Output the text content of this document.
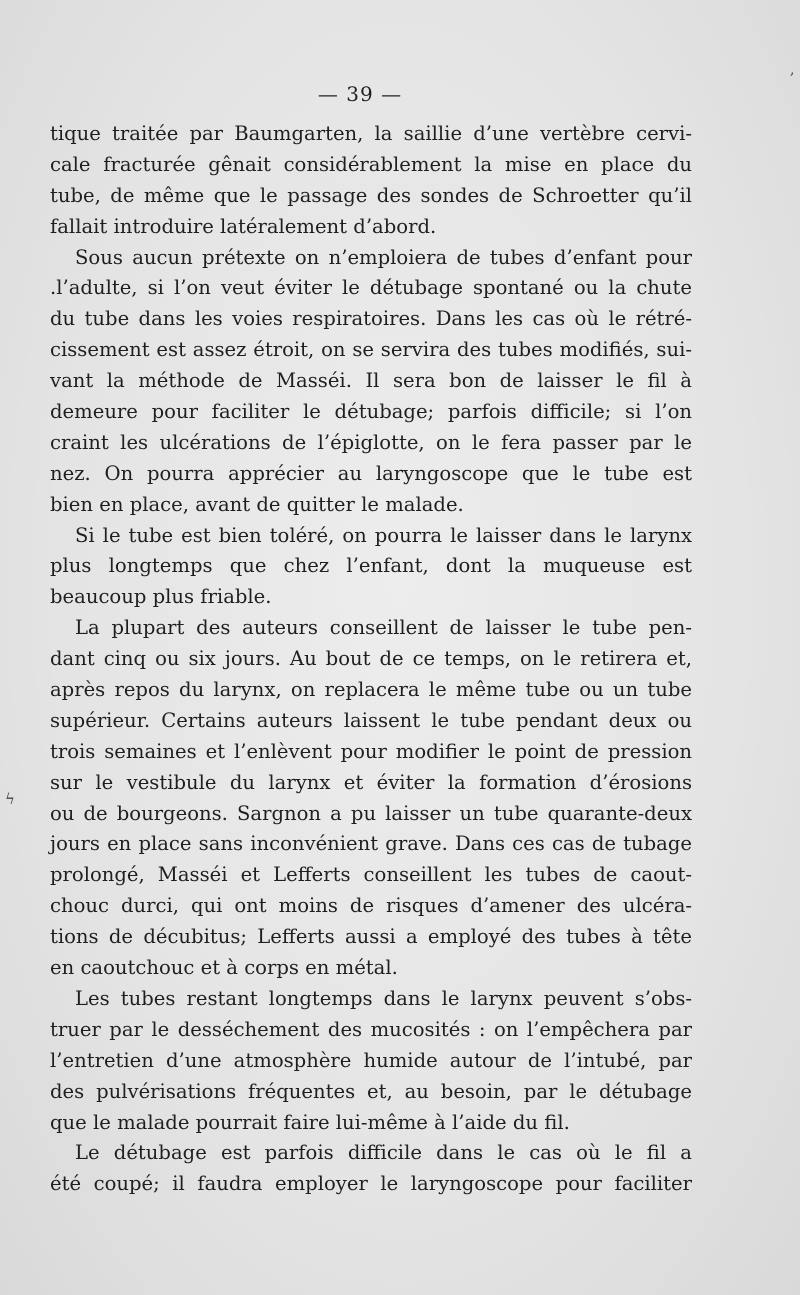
— 39 —
,
ϟ
tique traitée par Baumgarten, la saillie d’une vertèbre cervi-
cale fracturée gênait considérablement la mise en place du
tube, de même que le passage des sondes de Schroetter qu’il
fallait introduire latéralement d’abord.
Sous aucun prétexte on n’emploiera de tubes d’enfant pour
.l’adulte, si l’on veut éviter le détubage spontané ou la chute
du tube dans les voies respiratoires. Dans les cas où le rétré-
cissement est assez étroit, on se servira des tubes modifiés, sui-
vant la méthode de Masséi. Il sera bon de laisser le fil à
demeure pour faciliter le détubage; parfois difficile; si l’on
craint les ulcérations de l’épiglotte, on le fera passer par le
nez. On pourra apprécier au laryngoscope que le tube est
bien en place, avant de quitter le malade.
Si le tube est bien toléré, on pourra le laisser dans le larynx
plus longtemps que chez l’enfant, dont la muqueuse est
beaucoup plus friable.
La plupart des auteurs conseillent de laisser le tube pen-
dant cinq ou six jours. Au bout de ce temps, on le retirera et,
après repos du larynx, on replacera le même tube ou un tube
supérieur. Certains auteurs laissent le tube pendant deux ou
trois semaines et l’enlèvent pour modifier le point de pression
sur le vestibule du larynx et éviter la formation d’érosions
ou de bourgeons. Sargnon a pu laisser un tube quarante-deux
jours en place sans inconvénient grave. Dans ces cas de tubage
prolongé, Masséi et Lefferts conseillent les tubes de caout-
chouc durci, qui ont moins de risques d’amener des ulcéra-
tions de décubitus; Lefferts aussi a employé des tubes à tête
en caoutchouc et à corps en métal.
Les tubes restant longtemps dans le larynx peuvent s’obs-
truer par le desséchement des mucosités : on l’empêchera par
l’entretien d’une atmosphère humide autour de l’intubé, par
des pulvérisations fréquentes et, au besoin, par le détubage
que le malade pourrait faire lui-même à l’aide du fil.
Le détubage est parfois difficile dans le cas où le fil a
été coupé; il faudra employer le laryngoscope pour faciliter
